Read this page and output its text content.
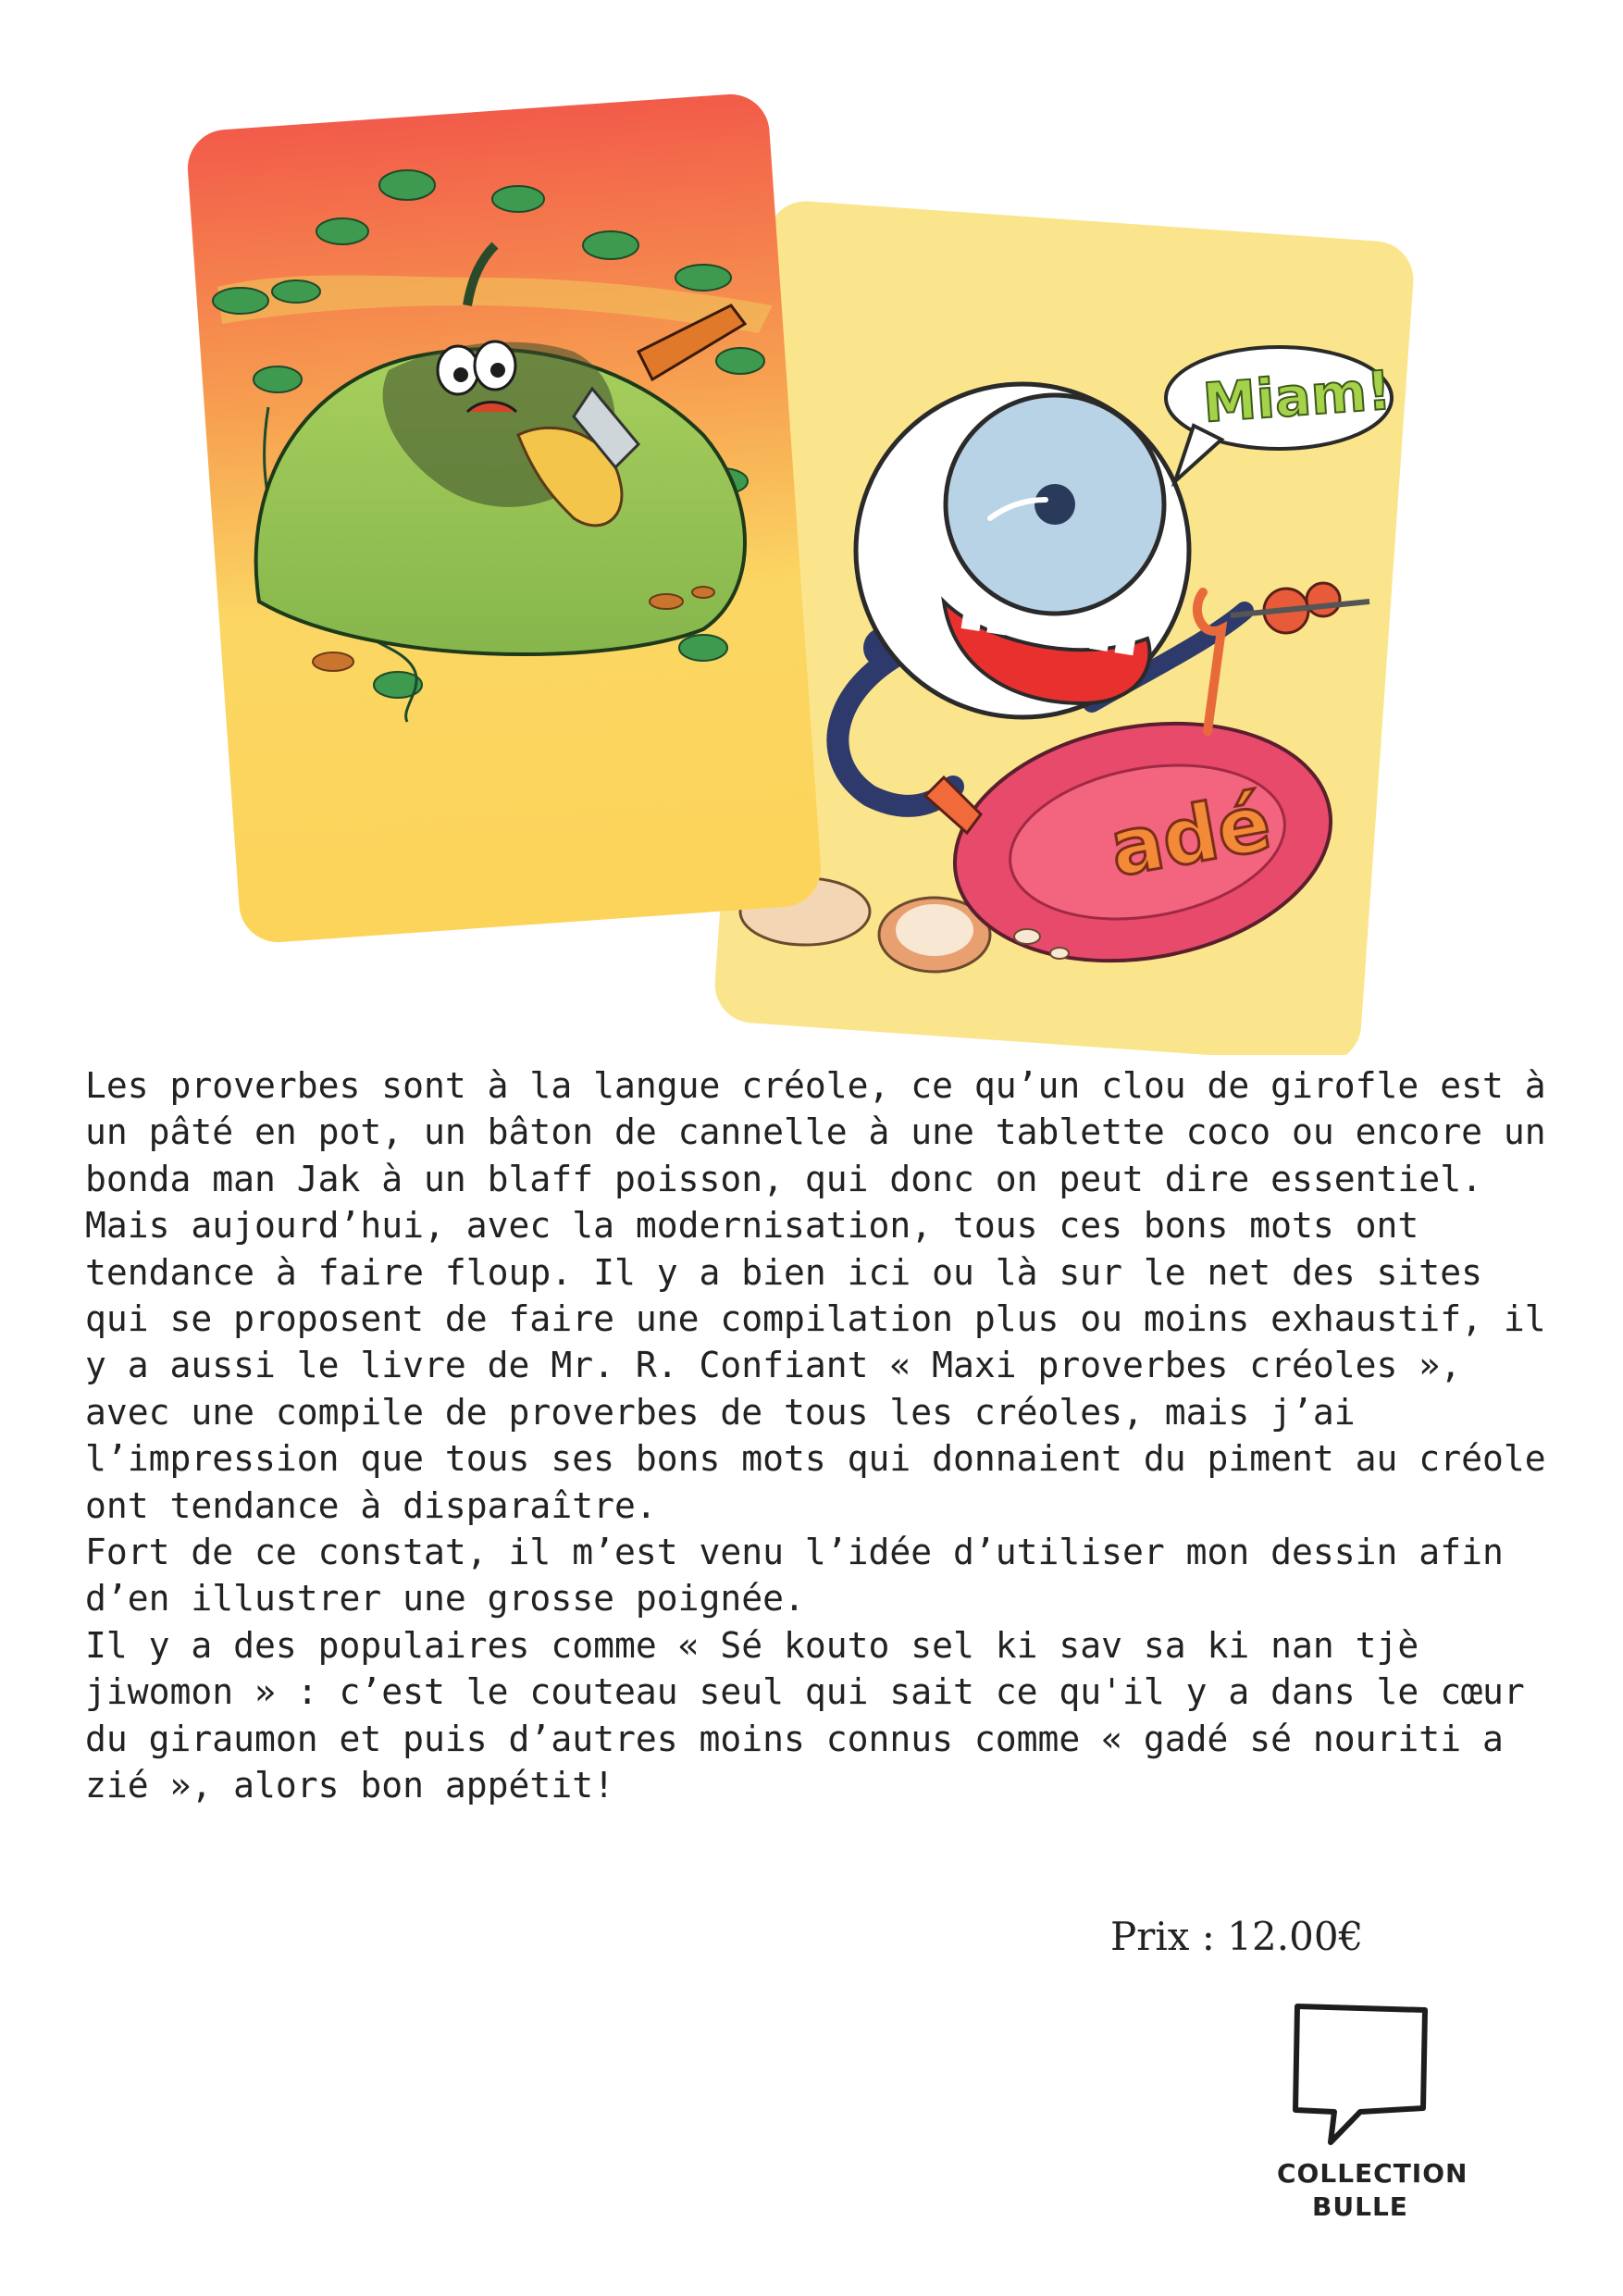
adé
Miam!

Les proverbes sont à la langue créole, ce qu’un clou de girofle est à un pâté en pot, un bâton de cannelle à une tablette coco ou encore un bonda man Jak à un blaff poisson, qui donc on peut dire essentiel.

Mais aujourd’hui, avec la modernisation, tous ces bons mots ont tendance à faire floup. Il y a bien ici ou là sur le net des sites qui se proposent de faire une compilation plus ou moins exhaustif, il y a aussi le livre de Mr. R. Confiant « Maxi proverbes créoles », avec une compile de proverbes de tous les créoles, mais j’ai l’impression que tous ses bons mots qui donnaient du piment au créole ont tendance à disparaître.

Fort de ce constat, il m’est venu l’idée d’utiliser mon dessin afin d’en illustrer une grosse poignée.

Il y a des populaires comme « Sé kouto sel ki sav sa ki nan tjè jiwomon » : c’est le couteau seul qui sait ce qu'il y a dans le cœur du giraumon et puis d’autres moins connus comme « gadé sé nouriti a zié », alors bon appétit!

Prix : 12.00€
COLLECTION
BULLE
